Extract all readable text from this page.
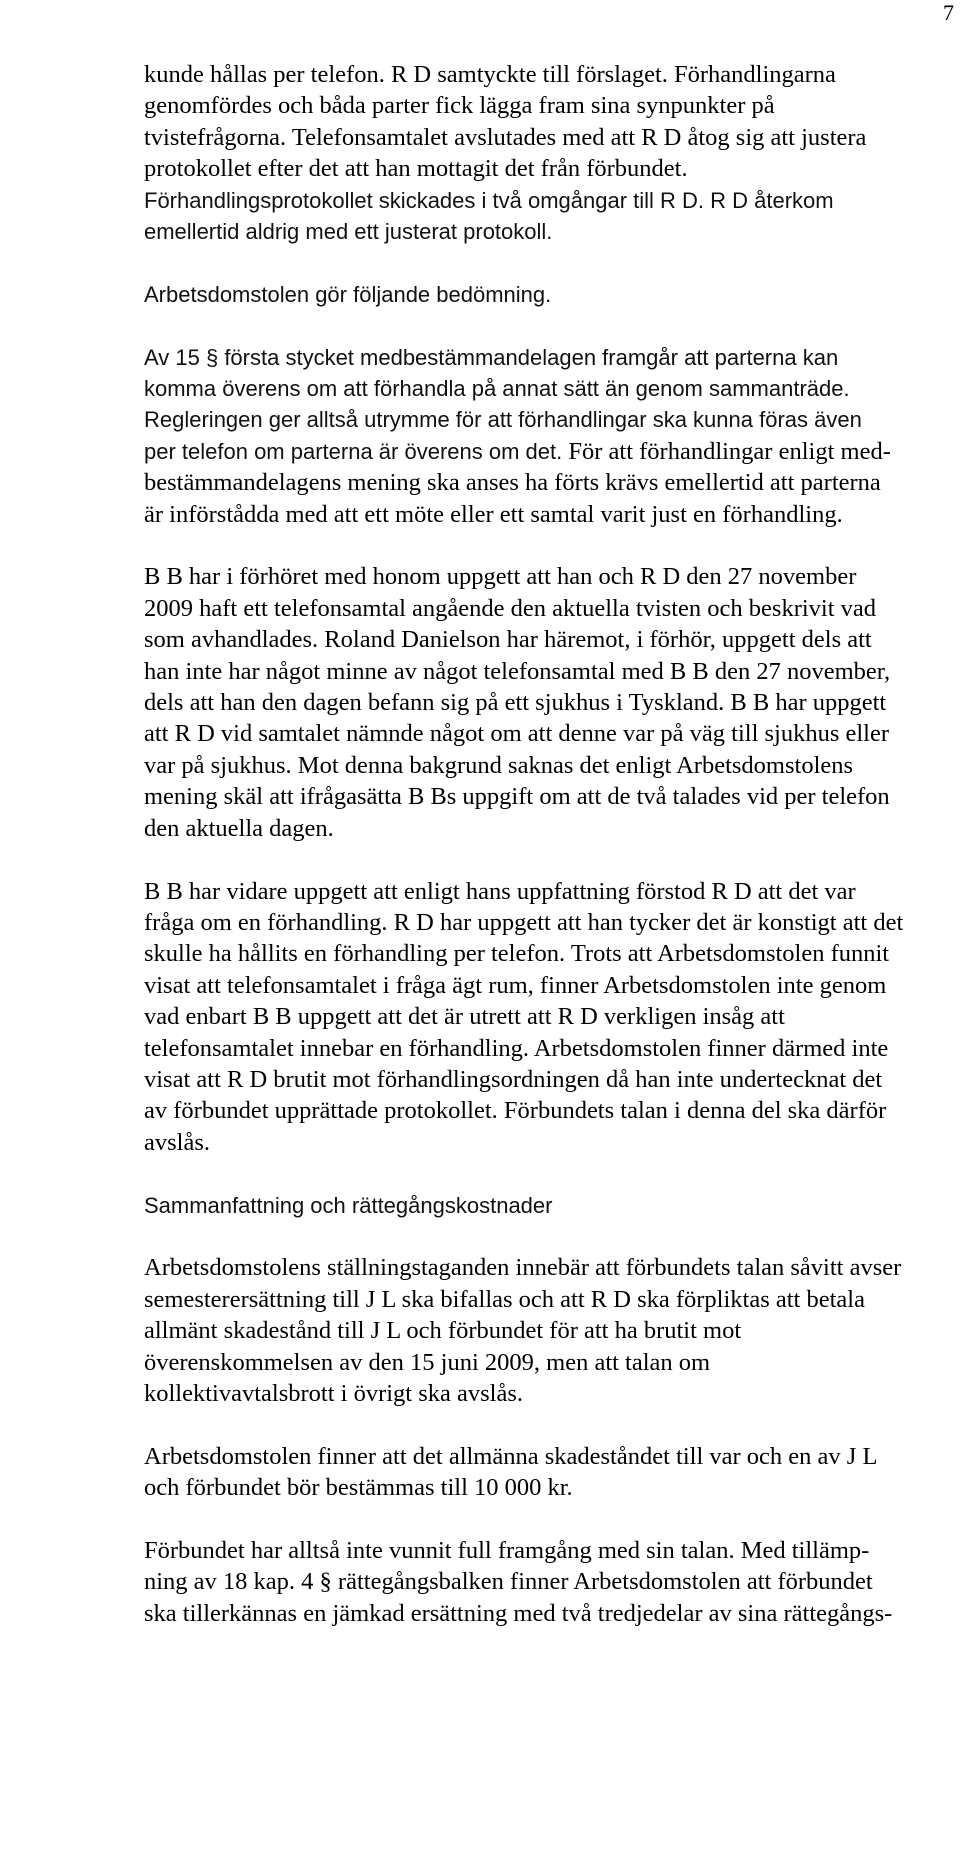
7

kunde hållas per telefon. R D samtyckte till förslaget. Förhandlingarna
genomfördes och båda parter fick lägga fram sina synpunkter på
tvistefrågorna. Telefonsamtalet avslutades med att R D åtog sig att justera
protokollet efter det att han mottagit det från förbundet.
Förhandlingsprotokollet skickades i två omgångar till R D. R D återkom
emellertid aldrig med ett justerat protokoll.

Arbetsdomstolen gör följande bedömning.

Av 15 § första stycket medbestämmandelagen framgår att parterna kan
komma överens om att förhandla på annat sätt än genom sammanträde.
Regleringen ger alltså utrymme för att förhandlingar ska kunna föras även
per telefon om parterna är överens om det. För att förhandlingar enligt med-
bestämmandelagens mening ska anses ha förts krävs emellertid att parterna
är införstådda med att ett möte eller ett samtal varit just en förhandling.

B B har i förhöret med honom uppgett att han och R D den 27 november
2009 haft ett telefonsamtal angående den aktuella tvisten och beskrivit vad
som avhandlades. Roland Danielson har häremot, i förhör, uppgett dels att
han inte har något minne av något telefonsamtal med B B den 27 november,
dels att han den dagen befann sig på ett sjukhus i Tyskland. B B har uppgett
att R D vid samtalet nämnde något om att denne var på väg till sjukhus eller
var på sjukhus. Mot denna bakgrund saknas det enligt Arbetsdomstolens
mening skäl att ifrågasätta B Bs uppgift om att de två talades vid per telefon
den aktuella dagen.

B B har vidare uppgett att enligt hans uppfattning förstod R D att det var
fråga om en förhandling. R D har uppgett att han tycker det är konstigt att det
skulle ha hållits en förhandling per telefon. Trots att Arbetsdomstolen funnit
visat att telefonsamtalet i fråga ägt rum, finner Arbetsdomstolen inte genom
vad enbart B B uppgett att det är utrett att R D verkligen insåg att
telefonsamtalet innebar en förhandling. Arbetsdomstolen finner därmed inte
visat att R D brutit mot förhandlingsordningen då han inte undertecknat det
av förbundet upprättade protokollet. Förbundets talan i denna del ska därför
avslås.

Sammanfattning och rättegångskostnader

Arbetsdomstolens ställningstaganden innebär att förbundets talan såvitt avser
semesterersättning till J L ska bifallas och att R D ska förpliktas att betala
allmänt skadestånd till J L och förbundet för att ha brutit mot
överenskommelsen av den 15 juni 2009, men att talan om
kollektivavtalsbrott i övrigt ska avslås.

Arbetsdomstolen finner att det allmänna skadeståndet till var och en av J L
och förbundet bör bestämmas till 10 000 kr.

Förbundet har alltså inte vunnit full framgång med sin talan. Med tillämp-
ning av 18 kap. 4 § rättegångsbalken finner Arbetsdomstolen att förbundet
ska tillerkännas en jämkad ersättning med två tredjedelar av sina rättegångs-
